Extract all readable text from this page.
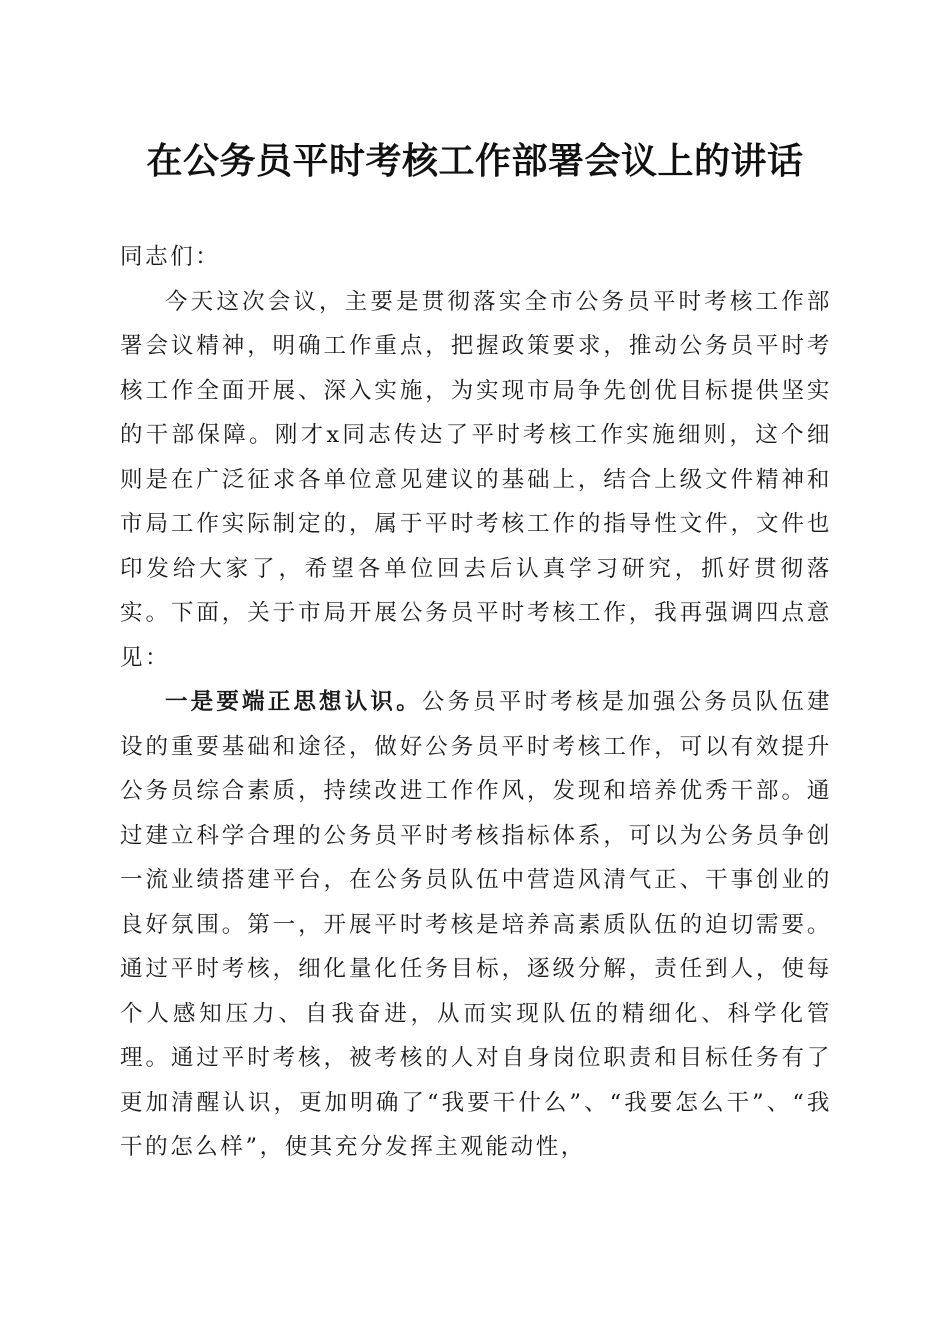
在公务员平时考核工作部署会议上的讲话

同志们：

今天这次会议，主要是贯彻落实全市公务员平时考核工作部署会议精神，明确工作重点，把握政策要求，推动公务员平时考核工作全面开展、深入实施，为实现市局争先创优目标提供坚实的干部保障。刚才x同志传达了平时考核工作实施细则，这个细则是在广泛征求各单位意见建议的基础上，结合上级文件精神和市局工作实际制定的，属于平时考核工作的指导性文件，文件也印发给大家了，希望各单位回去后认真学习研究，抓好贯彻落实。下面，关于市局开展公务员平时考核工作，我再强调四点意见：

一是要端正思想认识。公务员平时考核是加强公务员队伍建设的重要基础和途径，做好公务员平时考核工作，可以有效提升公务员综合素质，持续改进工作作风，发现和培养优秀干部。通过建立科学合理的公务员平时考核指标体系，可以为公务员争创一流业绩搭建平台，在公务员队伍中营造风清气正、干事创业的良好氛围。第一，开展平时考核是培养高素质队伍的迫切需要。通过平时考核，细化量化任务目标，逐级分解，责任到人，使每个人感知压力、自我奋进，从而实现队伍的精细化、科学化管理。通过平时考核，被考核的人对自身岗位职责和目标任务有了更加清醒认识，更加明确了“我要干什么”、“我要怎么干”、“我干的怎么样”，使其充分发挥主观能动性，
